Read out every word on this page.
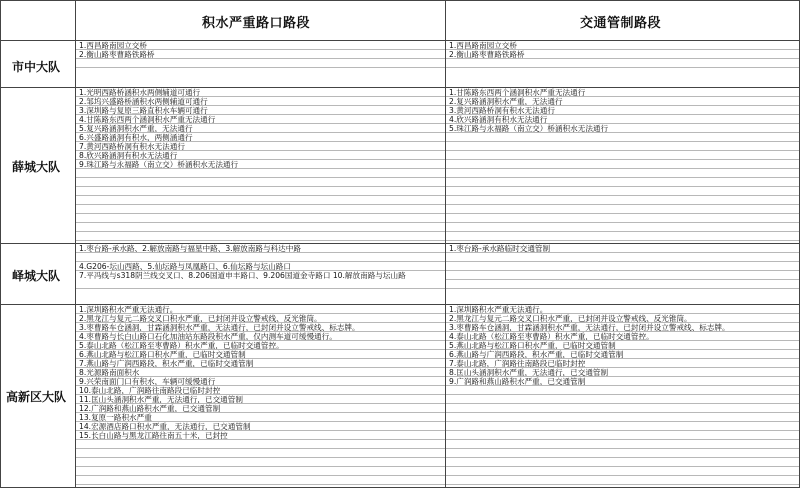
积水严重路口路段	交通管制路段
市中大队
薛城大队
峄城大队
高新区大队
1.西昌路南园立交桥
2.衡山路枣曹路铁路桥
1.西昌路南园立交桥
2.衡山路枣曹路铁路桥
1.光明西路桥涵积水两侧辅道可通行
2.邹坞兴盛路桥涵积水两侧辅道可通行
3.深圳路与复原三路直积水车辆可通行
4.甘陈路东西两个涵洞积水严重无法通行
5.复兴路涵洞积水严重，无法通行
6.兴盛路涵洞有积水，两侧涵通行
7.黄河西路桥洞有积水无法通行
8.欣兴路涵洞有积水无法通行
9.珠江路与永福路（南立交）桥涵积水无法通行
1.甘陈路东西两个涵洞积水严重无法通行
2.复兴路涵洞积水严重，无法通行
3.黄河西路桥洞有积水无法通行
4.欣兴路涵洞有积水无法通行
5.珠江路与永福路（南立交）桥涵积水无法通行
1.枣台路-承水路、2.解放南路与福星中路、3.解放南路与科达中路
4.G206-坛山西路、5.仙坛路与凤凰路口、6.仙坛路与坛山路口
7.平冯线与s318阴兰线交叉口、8.206国道申丰路口、9.206国道金寺路口 10.解放南路与坛山路
1.枣台路-承水路临时交通管制
1.深圳路积水严重无法通行。
2.黑龙江与复元二路交叉口积水严重，已封闭并设立警戒线、反光锥筒。
3.枣曹路车仓涵洞，甘霖涵洞积水严重，无法通行，已封闭并设立警戒线、标志牌。
4.枣曹路与长白山路口石化加油站东路段积水严重，仅内测车道可缓慢通行。
5.泰山北路（松江路至枣曹路）积水严重，已临时交通管控。
6.燕山北路与松江路口积水严重，已临时交通管制
7.燕山路与广润西路段，积水严重，已临时交通管制
8.光源路南面积水
9.兴荣南面门口有积水，车辆可缓慢通行
10.泰山北路，广润路往南路段已临时封控
11.匡山头涵洞积水严重，无法通行，已交通管制
12.广润路和燕山路积水严重，已交通管制
13.复原一路积水严重
14.宏源酒店路口积水严重，无法通行，已交通管制
15.长白山路与黑龙江路往南五十米，已封控
1.深圳路积水严重无法通行。
2.黑龙江与复元二路交叉口积水严重，已封闭并设立警戒线、反光锥筒。
3.枣曹路车仓涵洞，甘霖涵洞积水严重，无法通行，已封闭并设立警戒线、标志牌。
4.泰山北路（松江路至枣曹路）积水严重，已临时交通管控。
5.燕山北路与松江路口积水严重，已临时交通管制
6.燕山路与广润西路段，积水严重，已临时交通管制
7.泰山北路，广润路往南路段已临时封控
8.匡山头涵洞积水严重，无法通行，已交通管制
9.广润路和燕山路积水严重，已交通管制
